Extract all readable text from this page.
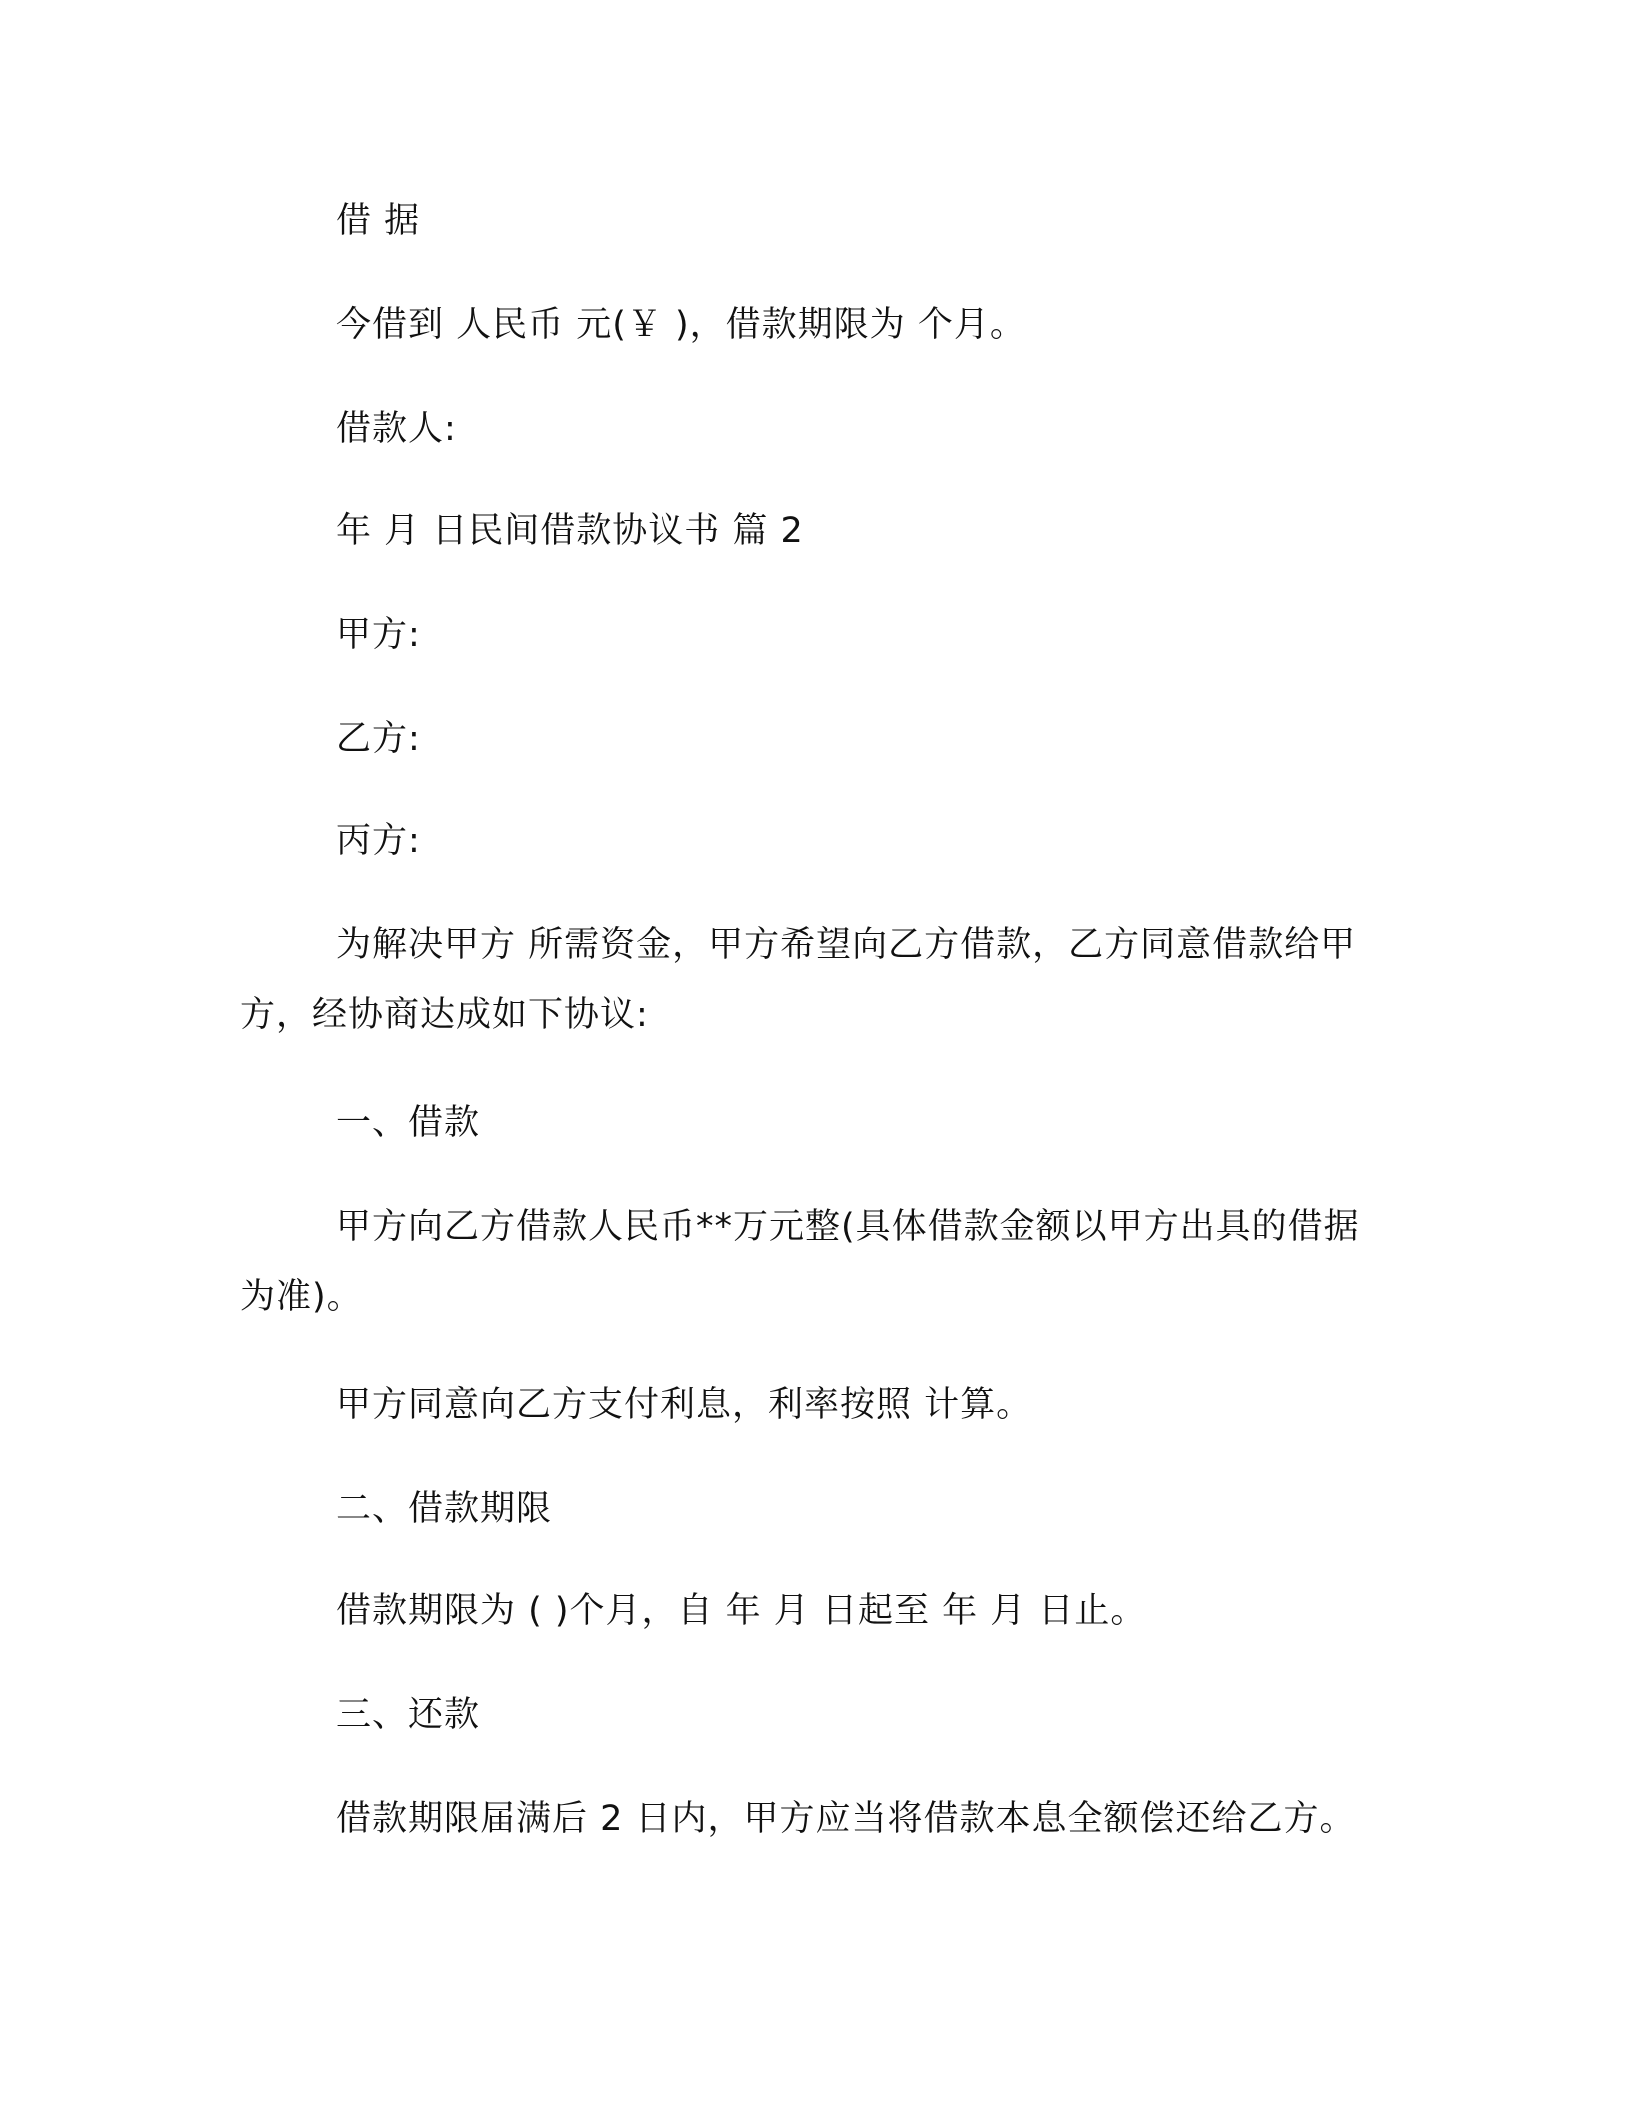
借 据

今借到 人民币 元(￥ )，借款期限为 个月。

借款人:

年 月 日民间借款协议书 篇 2

甲方:

乙方:

丙方:

为解决甲方 所需资金，甲方希望向乙方借款，乙方同意借款给甲方，经协商达成如下协议:

一、借款

甲方向乙方借款人民币**万元整(具体借款金额以甲方出具的借据为准)。

甲方同意向乙方支付利息，利率按照 计算。

二、借款期限

借款期限为 ( )个月，自 年 月 日起至 年 月 日止。

三、还款

借款期限届满后 2 日内，甲方应当将借款本息全额偿还给乙方。
